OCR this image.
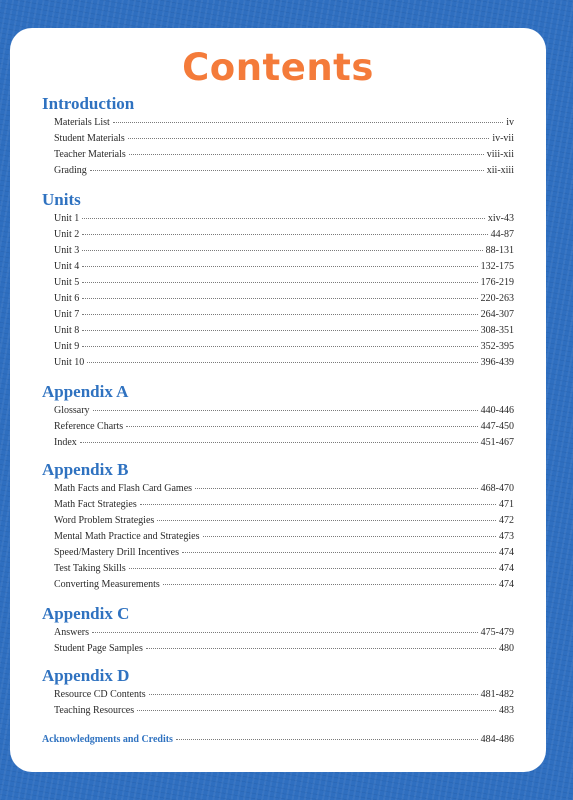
Contents
Introduction
Materials List	iv
Student Materials	iv-vii
Teacher Materials	viii-xii
Grading	xii-xiii
Units
Unit 1	xiv-43
Unit 2	44-87
Unit 3	88-131
Unit 4	132-175
Unit 5	176-219
Unit 6	220-263
Unit 7	264-307
Unit 8	308-351
Unit 9	352-395
Unit 10	396-439
Appendix A
Glossary	440-446
Reference Charts	447-450
Index	451-467
Appendix B
Math Facts and Flash Card Games	468-470
Math Fact Strategies	471
Word Problem Strategies	472
Mental Math Practice and Strategies	473
Speed/Mastery Drill Incentives	474
Test Taking Skills	474
Converting Measurements	474
Appendix C
Answers	475-479
Student Page Samples	480
Appendix D
Resource CD Contents	481-482
Teaching Resources	483
Acknowledgments and Credits	484-486
